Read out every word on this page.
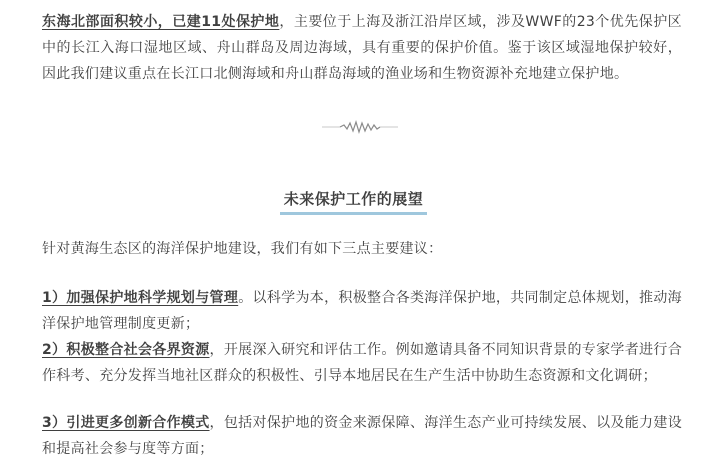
东海北部面积较小，已建11处保护地，主要位于上海及浙江沿岸区域，涉及WWF的23个优先保护区中的长江入海口湿地区域、舟山群岛及周边海域，具有重要的保护价值。鉴于该区域湿地保护较好，因此我们建议重点在长江口北侧海域和舟山群岛海域的渔业场和生物资源补充地建立保护地。

未来保护工作的展望

针对黄海生态区的海洋保护地建设，我们有如下三点主要建议：

1）加强保护地科学规划与管理。以科学为本，积极整合各类海洋保护地，共同制定总体规划，推动海洋保护地管理制度更新；

2）积极整合社会各界资源，开展深入研究和评估工作。例如邀请具备不同知识背景的专家学者进行合作科考、充分发挥当地社区群众的积极性、引导本地居民在生产生活中协助生态资源和文化调研；

3）引进更多创新合作模式，包括对保护地的资金来源保障、海洋生态产业可持续发展、以及能力建设和提高社会参与度等方面；
